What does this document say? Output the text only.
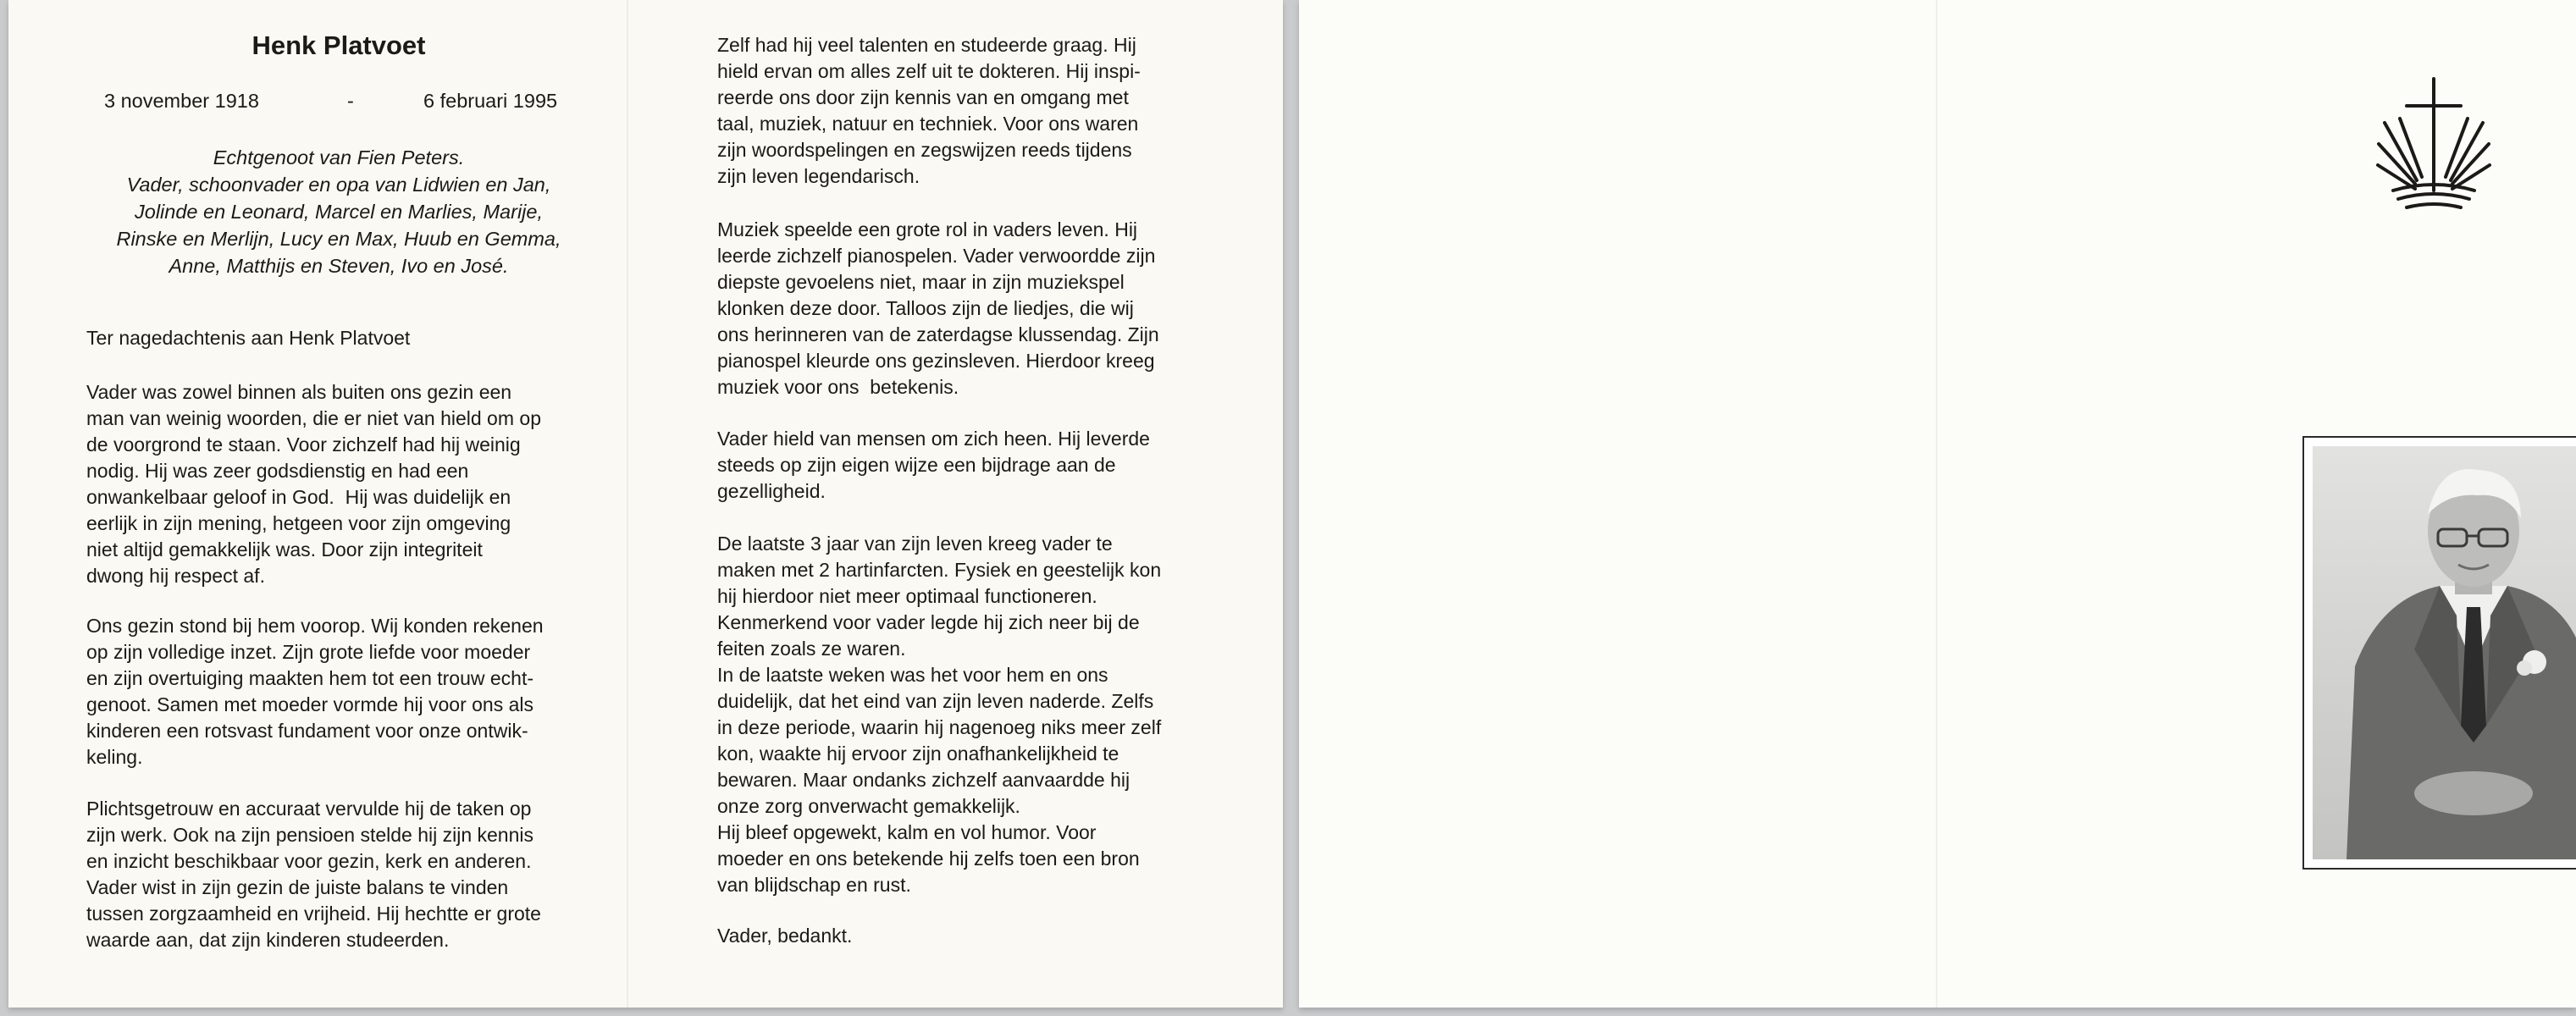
Henk Platvoet
3 november 1918	-	6 februari 1995
Echtgenoot van Fien Peters.
Vader, schoonvader en opa van Lidwien en Jan,
Jolinde en Leonard, Marcel en Marlies, Marije,
Rinske en Merlijn, Lucy en Max, Huub en Gemma,
Anne, Matthijs en Steven, Ivo en José.
Ter nagedachtenis aan Henk Platvoet
Vader was zowel binnen als buiten ons gezin een
man van weinig woorden, die er niet van hield om op
de voorgrond te staan. Voor zichzelf had hij weinig
nodig. Hij was zeer godsdienstig en had een
onwankelbaar geloof in God.  Hij was duidelijk en
eerlijk in zijn mening, hetgeen voor zijn omgeving
niet altijd gemakkelijk was. Door zijn integriteit
dwong hij respect af.
Ons gezin stond bij hem voorop. Wij konden rekenen
op zijn volledige inzet. Zijn grote liefde voor moeder
en zijn overtuiging maakten hem tot een trouw echt-
genoot. Samen met moeder vormde hij voor ons als
kinderen een rotsvast fundament voor onze ontwik-
keling.
Plichtsgetrouw en accuraat vervulde hij de taken op
zijn werk. Ook na zijn pensioen stelde hij zijn kennis
en inzicht beschikbaar voor gezin, kerk en anderen.
Vader wist in zijn gezin de juiste balans te vinden
tussen zorgzaamheid en vrijheid. Hij hechtte er grote
waarde aan, dat zijn kinderen studeerden.
Zelf had hij veel talenten en studeerde graag. Hij
hield ervan om alles zelf uit te dokteren. Hij inspi-
reerde ons door zijn kennis van en omgang met
taal, muziek, natuur en techniek. Voor ons waren
zijn woordspelingen en zegswijzen reeds tijdens
zijn leven legendarisch.
Muziek speelde een grote rol in vaders leven. Hij
leerde zichzelf pianospelen. Vader verwoordde zijn
diepste gevoelens niet, maar in zijn muziekspel
klonken deze door. Talloos zijn de liedjes, die wij
ons herinneren van de zaterdagse klussendag. Zijn
pianospel kleurde ons gezinsleven. Hierdoor kreeg
muziek voor ons  betekenis.
Vader hield van mensen om zich heen. Hij leverde
steeds op zijn eigen wijze een bijdrage aan de
gezelligheid.
De laatste 3 jaar van zijn leven kreeg vader te
maken met 2 hartinfarcten. Fysiek en geestelijk kon
hij hierdoor niet meer optimaal functioneren.
Kenmerkend voor vader legde hij zich neer bij de
feiten zoals ze waren.
In de laatste weken was het voor hem en ons
duidelijk, dat het eind van zijn leven naderde. Zelfs
in deze periode, waarin hij nagenoeg niks meer zelf
kon, waakte hij ervoor zijn onafhankelijkheid te
bewaren. Maar ondanks zichzelf aanvaardde hij
onze zorg onverwacht gemakkelijk.
Hij bleef opgewekt, kalm en vol humor. Voor
moeder en ons betekende hij zelfs toen een bron
van blijdschap en rust.
Vader, bedankt.
